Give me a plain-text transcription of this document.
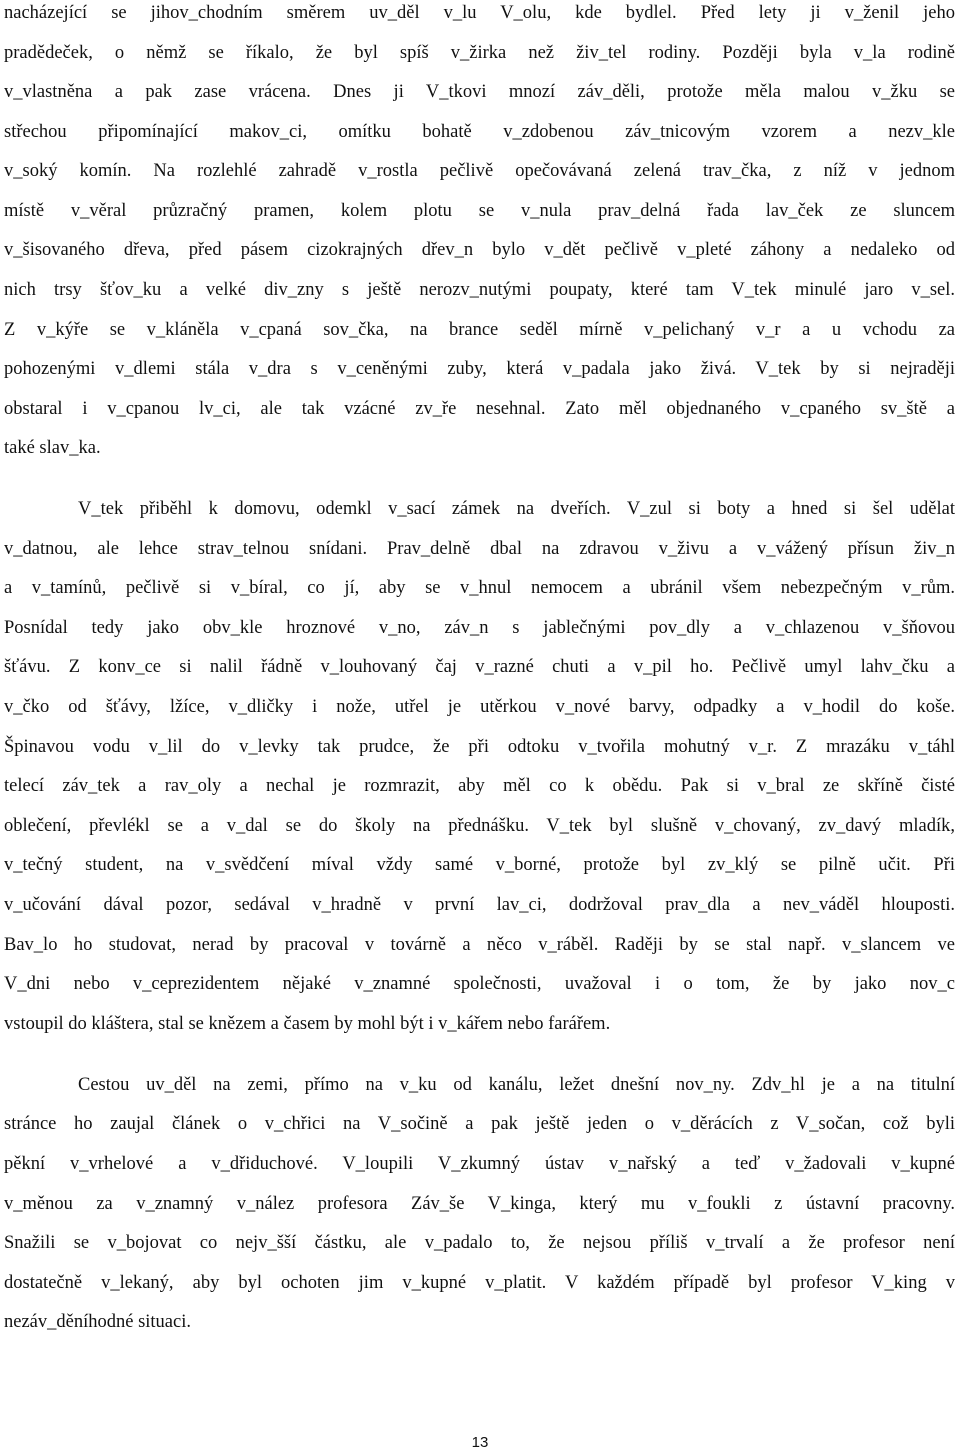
nacházející se jihov_chodním směrem uv_děl v_lu V_olu, kde bydlel. Před lety ji v_ženil jeho
pradědeček, o němž se říkalo, že byl spíš v_žirka než živ_tel rodiny. Později byla v_la rodině
v_vlastněna a pak zase vrácena. Dnes ji V_tkovi mnozí záv_děli, protože měla malou v_žku se
střechou připomínající makov_ci, omítku bohatě v_zdobenou záv_tnicovým vzorem a nezv_kle
v_soký komín. Na rozlehlé zahradě v_rostla pečlivě opečovávaná zelená trav_čka, z níž v jednom
místě v_věral průzračný pramen, kolem plotu se v_nula prav_delná řada lav_ček ze sluncem
v_šisovaného dřeva, před pásem cizokrajných dřev_n bylo v_dět pečlivě v_pleté záhony a nedaleko od
nich trsy šťov_ku a velké div_zny s ještě nerozv_nutými poupaty, které tam V_tek minulé jaro v_sel.
Z v_kýře se v_kláněla v_cpaná sov_čka, na brance seděl mírně v_pelichaný v_r a u vchodu za
pohozenými v_dlemi stála v_dra s v_ceněnými zuby, která v_padala jako živá. V_tek by si nejraději
obstaral i v_cpanou lv_ci, ale tak vzácné zv_ře nesehnal. Zato měl objednaného v_cpaného sv_ště a
také slav_ka.
V_tek přiběhl k domovu, odemkl v_sací zámek na dveřích. V_zul si boty a hned si šel udělat
v_datnou, ale lehce strav_telnou snídani. Prav_delně dbal na zdravou v_živu a v_vážený přísun živ_n
a v_tamínů, pečlivě si v_bíral, co jí, aby se v_hnul nemocem a ubránil všem nebezpečným v_rům.
Posnídal tedy jako obv_kle hroznové v_no, záv_n s jablečnými pov_dly a v_chlazenou v_šňovou
šťávu. Z konv_ce si nalil řádně v_louhovaný čaj v_razné chuti a v_pil ho. Pečlivě umyl lahv_čku a
v_čko od šťávy, lžíce, v_dličky i nože, utřel je utěrkou v_nové barvy, odpadky a v_hodil do koše.
Špinavou vodu v_lil do v_levky tak prudce, že při odtoku v_tvořila mohutný v_r. Z mrazáku v_táhl
telecí záv_tek a rav_oly a nechal je rozmrazit, aby měl co k obědu. Pak si v_bral ze skříně čisté
oblečení, převlékl se a v_dal se do školy na přednášku. V_tek byl slušně v_chovaný, zv_davý mladík,
v_tečný student, na v_svědčení míval vždy samé v_borné, protože byl zv_klý se pilně učit. Při
v_učování dával pozor, sedával v_hradně v první lav_ci, dodržoval prav_dla a nev_váděl hlouposti.
Bav_lo ho studovat, nerad by pracoval v továrně a něco v_ráběl. Raději by se stal např. v_slancem ve
V_dni nebo v_ceprezidentem nějaké v_znamné společnosti, uvažoval i o tom, že by jako nov_c
vstoupil do kláštera, stal se knězem a časem by mohl být i v_kářem nebo farářem.
Cestou uv_děl na zemi, přímo na v_ku od kanálu, ležet dnešní nov_ny. Zdv_hl je a na titulní
stránce ho zaujal článek o v_chřici na V_sočině a pak ještě jeden o v_děrácích z V_sočan, což byli
pěkní v_vrhelové a v_dřiduchové. V_loupili V_zkumný ústav v_nařský a teď v_žadovali v_kupné
v_měnou za v_znamný v_nález profesora Záv_še V_kinga, který mu v_foukli z ústavní pracovny.
Snažili se v_bojovat co nejv_šší částku, ale v_padalo to, že nejsou příliš v_trvalí a že profesor není
dostatečně v_lekaný, aby byl ochoten jim v_kupné v_platit. V každém případě byl profesor V_king v
nezáv_děníhodné situaci.
13
